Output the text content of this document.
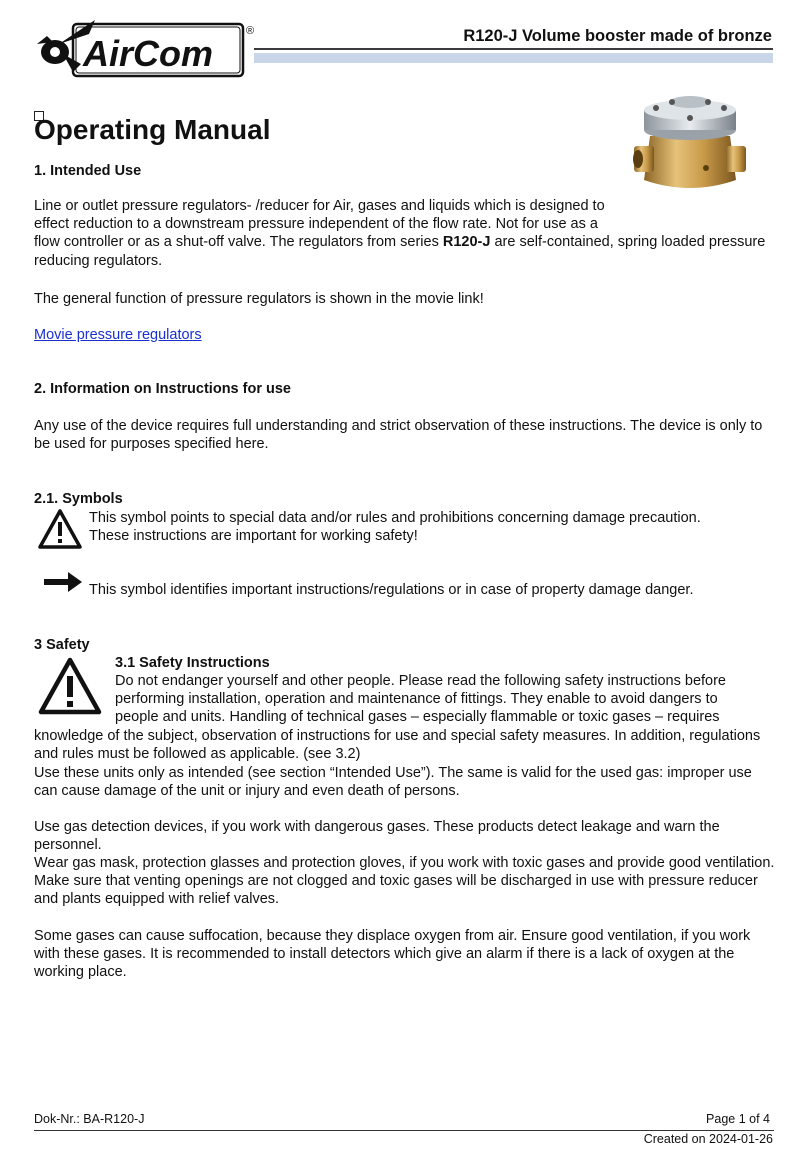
AirCom
®	R120-J Volume booster made of bronze
Operating Manual
1. Intended Use
Line or outlet pressure regulators- /reducer for Air, gases and liquids which is designed to
effect reduction to a downstream pressure independent of the flow rate. Not for use as a
flow controller or as a shut-off valve. The regulators from series R120-J are self-contained, spring loaded pressure
reducing regulators.
The general function of pressure regulators is shown in the movie link!
Movie pressure regulators
2. Information on Instructions for use

Any use of the device requires full understanding and strict observation of these instructions. The device is only to be used for purposes specified here.

2.1. Symbols
This symbol points to special data and/or rules and prohibitions concerning damage precaution.
These instructions are important for working safety!
This symbol identifies important instructions/regulations or in case of property damage danger.
3 Safety
3.1 Safety Instructions
Do not endanger yourself and other people. Please read the following safety instructions before
performing installation, operation and maintenance of fittings. They enable to avoid dangers to
people and units. Handling of technical gases – especially flammable or toxic gases – requires

knowledge of the subject, observation of instructions for use and special safety measures. In addition, regulations and rules must be followed as applicable. (see 3.2)

Use these units only as intended (see section “Intended Use”). The same is valid for the used gas: improper use can cause damage of the unit or injury and even death of persons.

Use gas detection devices, if you work with dangerous gases. These products detect leakage and warn the personnel.

Wear gas mask, protection glasses and protection gloves, if you work with toxic gases and provide good ventilation.

Make sure that venting openings are not clogged and toxic gases will be discharged in use with pressure reducer and plants equipped with relief valves.

Some gases can cause suffocation, because they displace oxygen from air. Ensure good ventilation, if you work with these gases. It is recommended to install detectors which give an alarm if there is a lack of oxygen at the working place.

Dok-Nr.: BA-R120-J	Page 1 of 4
Created on 2024-01-26
